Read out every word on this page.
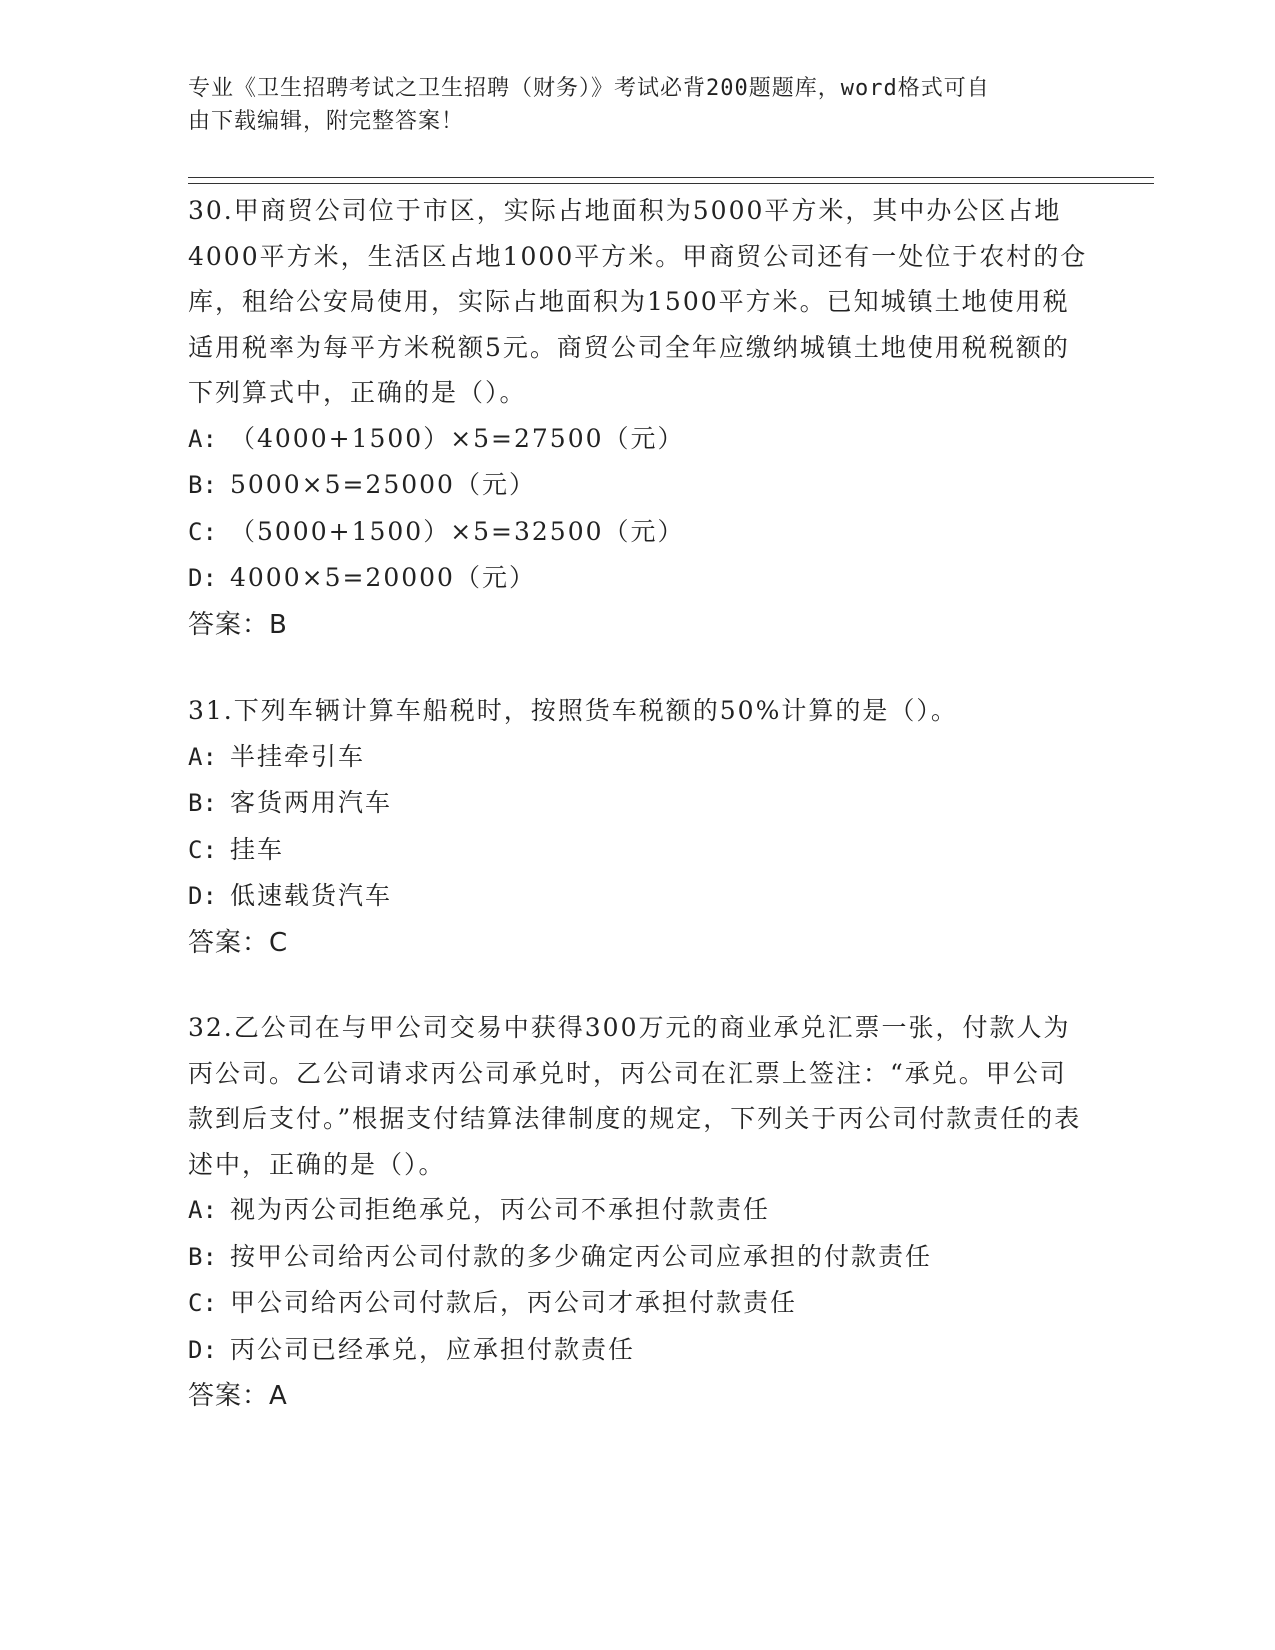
专业《卫生招聘考试之卫生招聘（财务）》考试必背200题题库，word格式可自
由下载编辑，附完整答案！

30.甲商贸公司位于市区，实际占地面积为5000平方米，其中办公区占地4000平方米，生活区占地1000平方米。甲商贸公司还有一处位于农村的仓库，租给公安局使用，实际占地面积为1500平方米。已知城镇土地使用税适用税率为每平方米税额5元。商贸公司全年应缴纳城镇土地使用税税额的下列算式中，正确的是（）。

A: （4000+1500）×5=27500（元）

B: 5000×5=25000（元）

C: （5000+1500）×5=32500（元）

D: 4000×5=20000（元）

答案：B

31.下列车辆计算车船税时，按照货车税额的50%计算的是（）。

A: 半挂牵引车

B: 客货两用汽车

C: 挂车

D: 低速载货汽车

答案：C

32.乙公司在与甲公司交易中获得300万元的商业承兑汇票一张，付款人为丙公司。乙公司请求丙公司承兑时，丙公司在汇票上签注：“承兑。甲公司款到后支付。”根据支付结算法律制度的规定，下列关于丙公司付款责任的表述中，正确的是（）。

A: 视为丙公司拒绝承兑，丙公司不承担付款责任

B: 按甲公司给丙公司付款的多少确定丙公司应承担的付款责任

C: 甲公司给丙公司付款后，丙公司才承担付款责任

D: 丙公司已经承兑，应承担付款责任

答案：A
